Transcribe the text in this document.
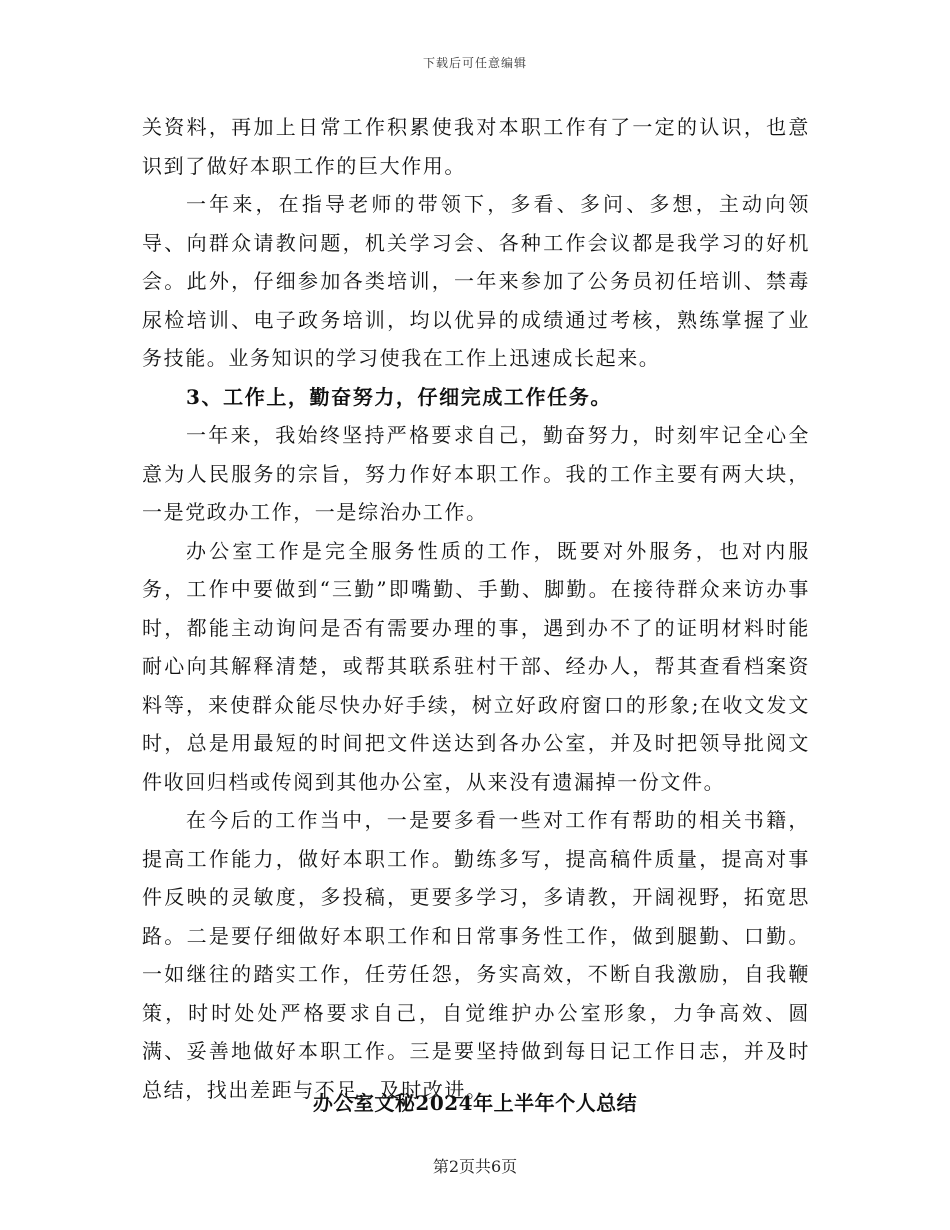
下载后可任意编辑

关资料，再加上日常工作积累使我对本职工作有了一定的认识，也意识到了做好本职工作的巨大作用。

一年来，在指导老师的带领下，多看、多问、多想，主动向领导、向群众请教问题，机关学习会、各种工作会议都是我学习的好机会。此外，仔细参加各类培训，一年来参加了公务员初任培训、禁毒尿检培训、电子政务培训，均以优异的成绩通过考核，熟练掌握了业务技能。业务知识的学习使我在工作上迅速成长起来。

3、工作上，勤奋努力，仔细完成工作任务。

一年来，我始终坚持严格要求自己，勤奋努力，时刻牢记全心全意为人民服务的宗旨，努力作好本职工作。我的工作主要有两大块，一是党政办工作，一是综治办工作。

办公室工作是完全服务性质的工作，既要对外服务，也对内服务，工作中要做到“三勤”即嘴勤、手勤、脚勤。在接待群众来访办事时，都能主动询问是否有需要办理的事，遇到办不了的证明材料时能耐心向其解释清楚，或帮其联系驻村干部、经办人，帮其查看档案资料等，来使群众能尽快办好手续，树立好政府窗口的形象;在收文发文时，总是用最短的时间把文件送达到各办公室，并及时把领导批阅文件收回归档或传阅到其他办公室，从来没有遗漏掉一份文件。

在今后的工作当中，一是要多看一些对工作有帮助的相关书籍，提高工作能力，做好本职工作。勤练多写，提高稿件质量，提高对事件反映的灵敏度，多投稿，更要多学习，多请教，开阔视野，拓宽思路。二是要仔细做好本职工作和日常事务性工作，做到腿勤、口勤。一如继往的踏实工作，任劳任怨，务实高效，不断自我激励，自我鞭策，时时处处严格要求自己，自觉维护办公室形象，力争高效、圆满、妥善地做好本职工作。三是要坚持做到每日记工作日志，并及时总结，找出差距与不足，及时改进。

办公室文秘2024年上半年个人总结
第2页共6页
